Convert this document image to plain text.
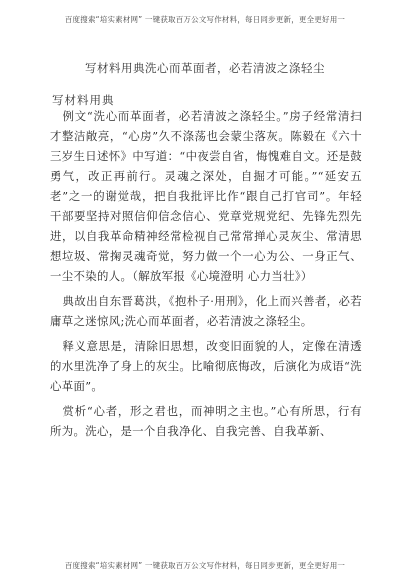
百度搜索“培实素材网” 一键获取百万公文写作材料，每日同步更新，更全更好用一
写材料用典洗心而革面者，必若清波之涤轻尘
写材料用典

例文“洗心而革面者，必若清波之涤轻尘。”房子经常清扫才整洁敞亮，“心房”久不涤荡也会蒙尘落灰。陈毅在《六十三岁生日述怀》中写道：“中夜尝自省，悔愧难自文。还是鼓勇气，改正再前行。灵魂之深处，自掘才可能。”“延安五老”之一的谢觉哉，把自我批评比作“跟自己打官司”。年轻干部要坚持对照信仰信念信心、党章党规党纪、先锋先烈先进，以自我革命精神经常检视自己常常掸心灵灰尘、常清思想垃圾、常掬灵魂奇觉，努力做一个一心为公、一身正气、一尘不染的人。（解放军报《心境澄明 心力当壮》）

典故出自东晋葛洪，《抱朴子·用刑》，化上而兴善者，必若庸草之迷惊风;洗心而革面者，必若清波之涤轻尘。

释义意思是，清除旧思想，改变旧面貌的人，定像在清透的水里洗净了身上的灰尘。比喻彻底悔改，后演化为成语“洗心革面”。

赏析“心者，形之君也，而神明之主也。”心有所思，行有所为。洗心，是一个自我净化、自我完善、自我革新、

百度搜索“培实素材网” 一键获取百万公文写作材料，每日同步更新，更全更好用一
